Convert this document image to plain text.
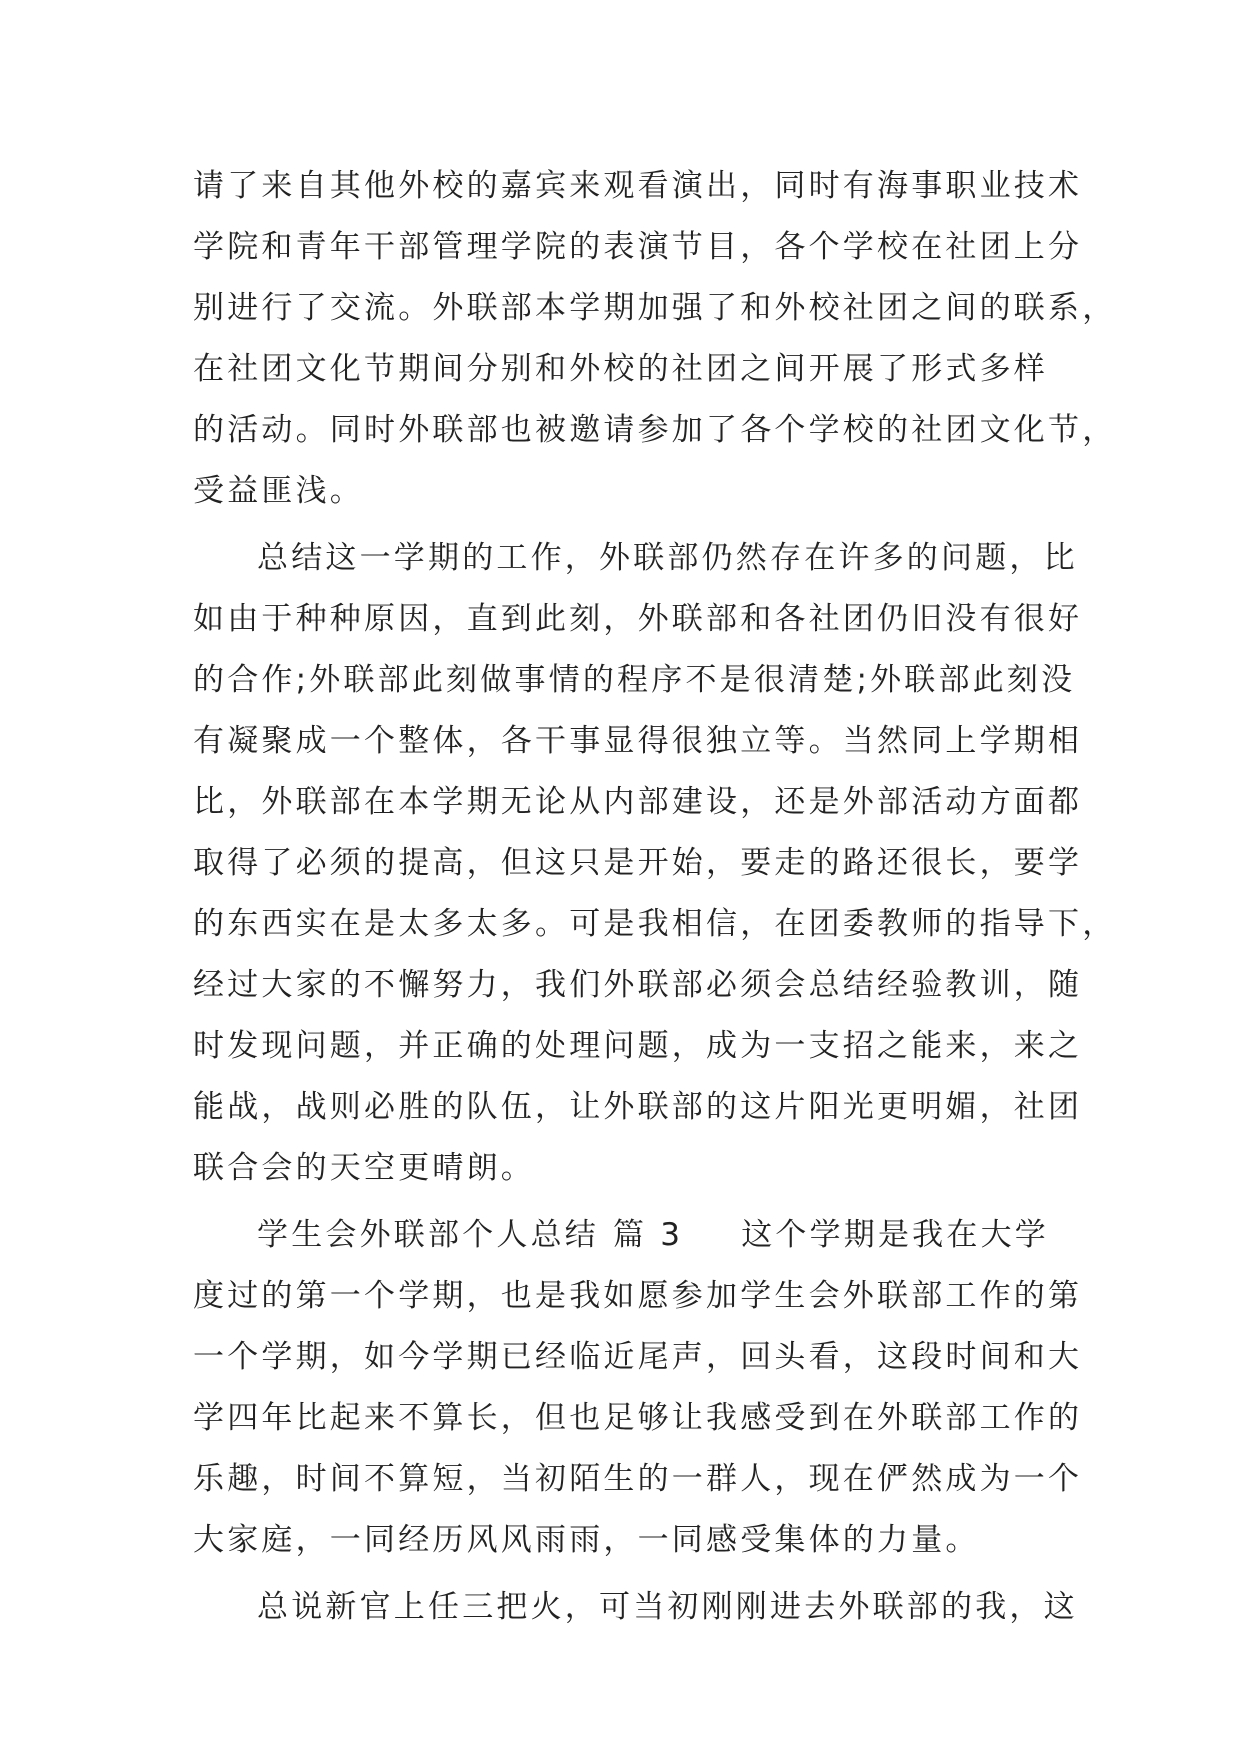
请了来自其他外校的嘉宾来观看演出，同时有海事职业技术

学院和青年干部管理学院的表演节目，各个学校在社团上分

别进行了交流。外联部本学期加强了和外校社团之间的联系，

在社团文化节期间分别和外校的社团之间开展了形式多样

的活动。同时外联部也被邀请参加了各个学校的社团文化节，

受益匪浅。

总结这一学期的工作，外联部仍然存在许多的问题，比

如由于种种原因，直到此刻，外联部和各社团仍旧没有很好

的合作;外联部此刻做事情的程序不是很清楚;外联部此刻没

有凝聚成一个整体，各干事显得很独立等。当然同上学期相

比，外联部在本学期无论从内部建设，还是外部活动方面都

取得了必须的提高，但这只是开始，要走的路还很长，要学

的东西实在是太多太多。可是我相信，在团委教师的指导下，

经过大家的不懈努力，我们外联部必须会总结经验教训，随

时发现问题，并正确的处理问题，成为一支招之能来，来之

能战，战则必胜的队伍，让外联部的这片阳光更明媚，社团

联合会的天空更晴朗。

学生会外联部个人总结 篇 3 这个学期是我在大学

度过的第一个学期，也是我如愿参加学生会外联部工作的第

一个学期，如今学期已经临近尾声，回头看，这段时间和大

学四年比起来不算长，但也足够让我感受到在外联部工作的

乐趣，时间不算短，当初陌生的一群人，现在俨然成为一个

大家庭，一同经历风风雨雨，一同感受集体的力量。

总说新官上任三把火，可当初刚刚进去外联部的我，这
